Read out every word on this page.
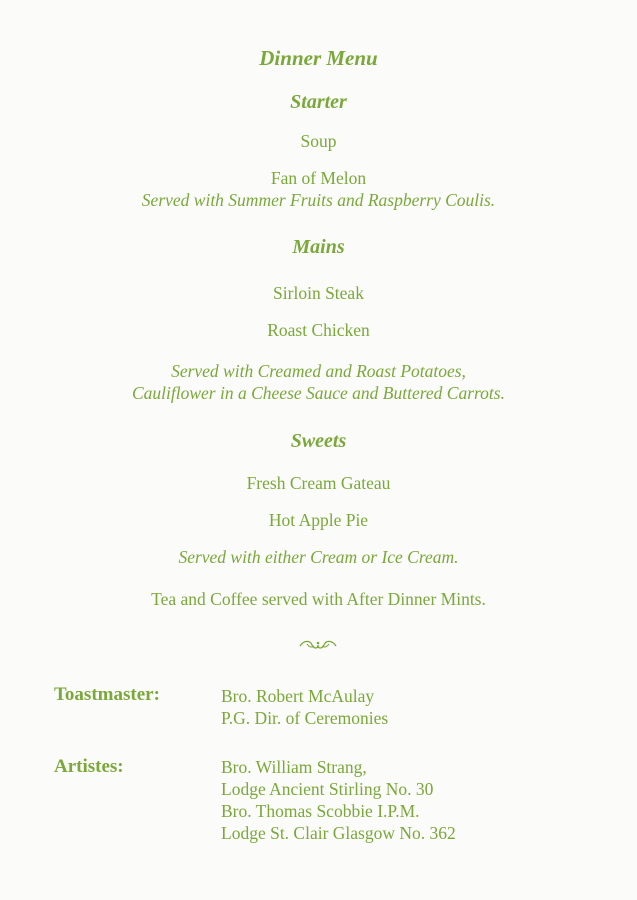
Dinner Menu
Starter
Soup
Fan of Melon
Served with Summer Fruits and Raspberry Coulis.
Mains
Sirloin Steak
Roast Chicken
Served with Creamed and Roast Potatoes,
Cauliflower in a Cheese Sauce and Buttered Carrots.
Sweets
Fresh Cream Gateau
Hot Apple Pie
Served with either Cream or Ice Cream.
Tea and Coffee served with After Dinner Mints.
Toastmaster:	Bro. Robert McAulay
P.G. Dir. of Ceremonies
Artistes:	Bro. William Strang,
Lodge Ancient Stirling No. 30
Bro. Thomas Scobbie I.P.M.
Lodge St. Clair Glasgow No. 362
